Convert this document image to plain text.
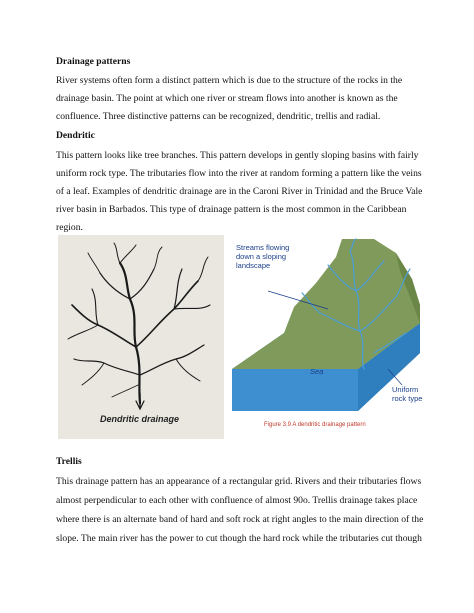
Drainage patterns
River systems often form a distinct pattern which is due to the structure of the rocks in the
drainage basin. The point at which one river or stream flows into another is known as the
confluence. Three distinctive patterns can be recognized, dendritic, trellis and radial.
Dendritic
This pattern looks like tree branches. This pattern develops in gently sloping basins with fairly
uniform rock type. The tributaries flow into the river at random forming a pattern like the veins
of a leaf. Examples of dendritic drainage are in the Caroni River in Trinidad and the Bruce Vale
river basin in Barbados. This type of drainage pattern is the most common in the Caribbean
region.
Dendritic drainage
Streams flowing
down a sloping
landscape
Sea
Uniform
rock type
Figure 3.9 A dendritic drainage pattern
Trellis
This drainage pattern has an appearance of a rectangular grid. Rivers and their tributaries flows
almost perpendicular to each other with confluence of almost 90o. Trellis drainage takes place
where there is an alternate band of hard and soft rock at right angles to the main direction of the
slope. The main river has the power to cut though the hard rock while the tributaries cut though
